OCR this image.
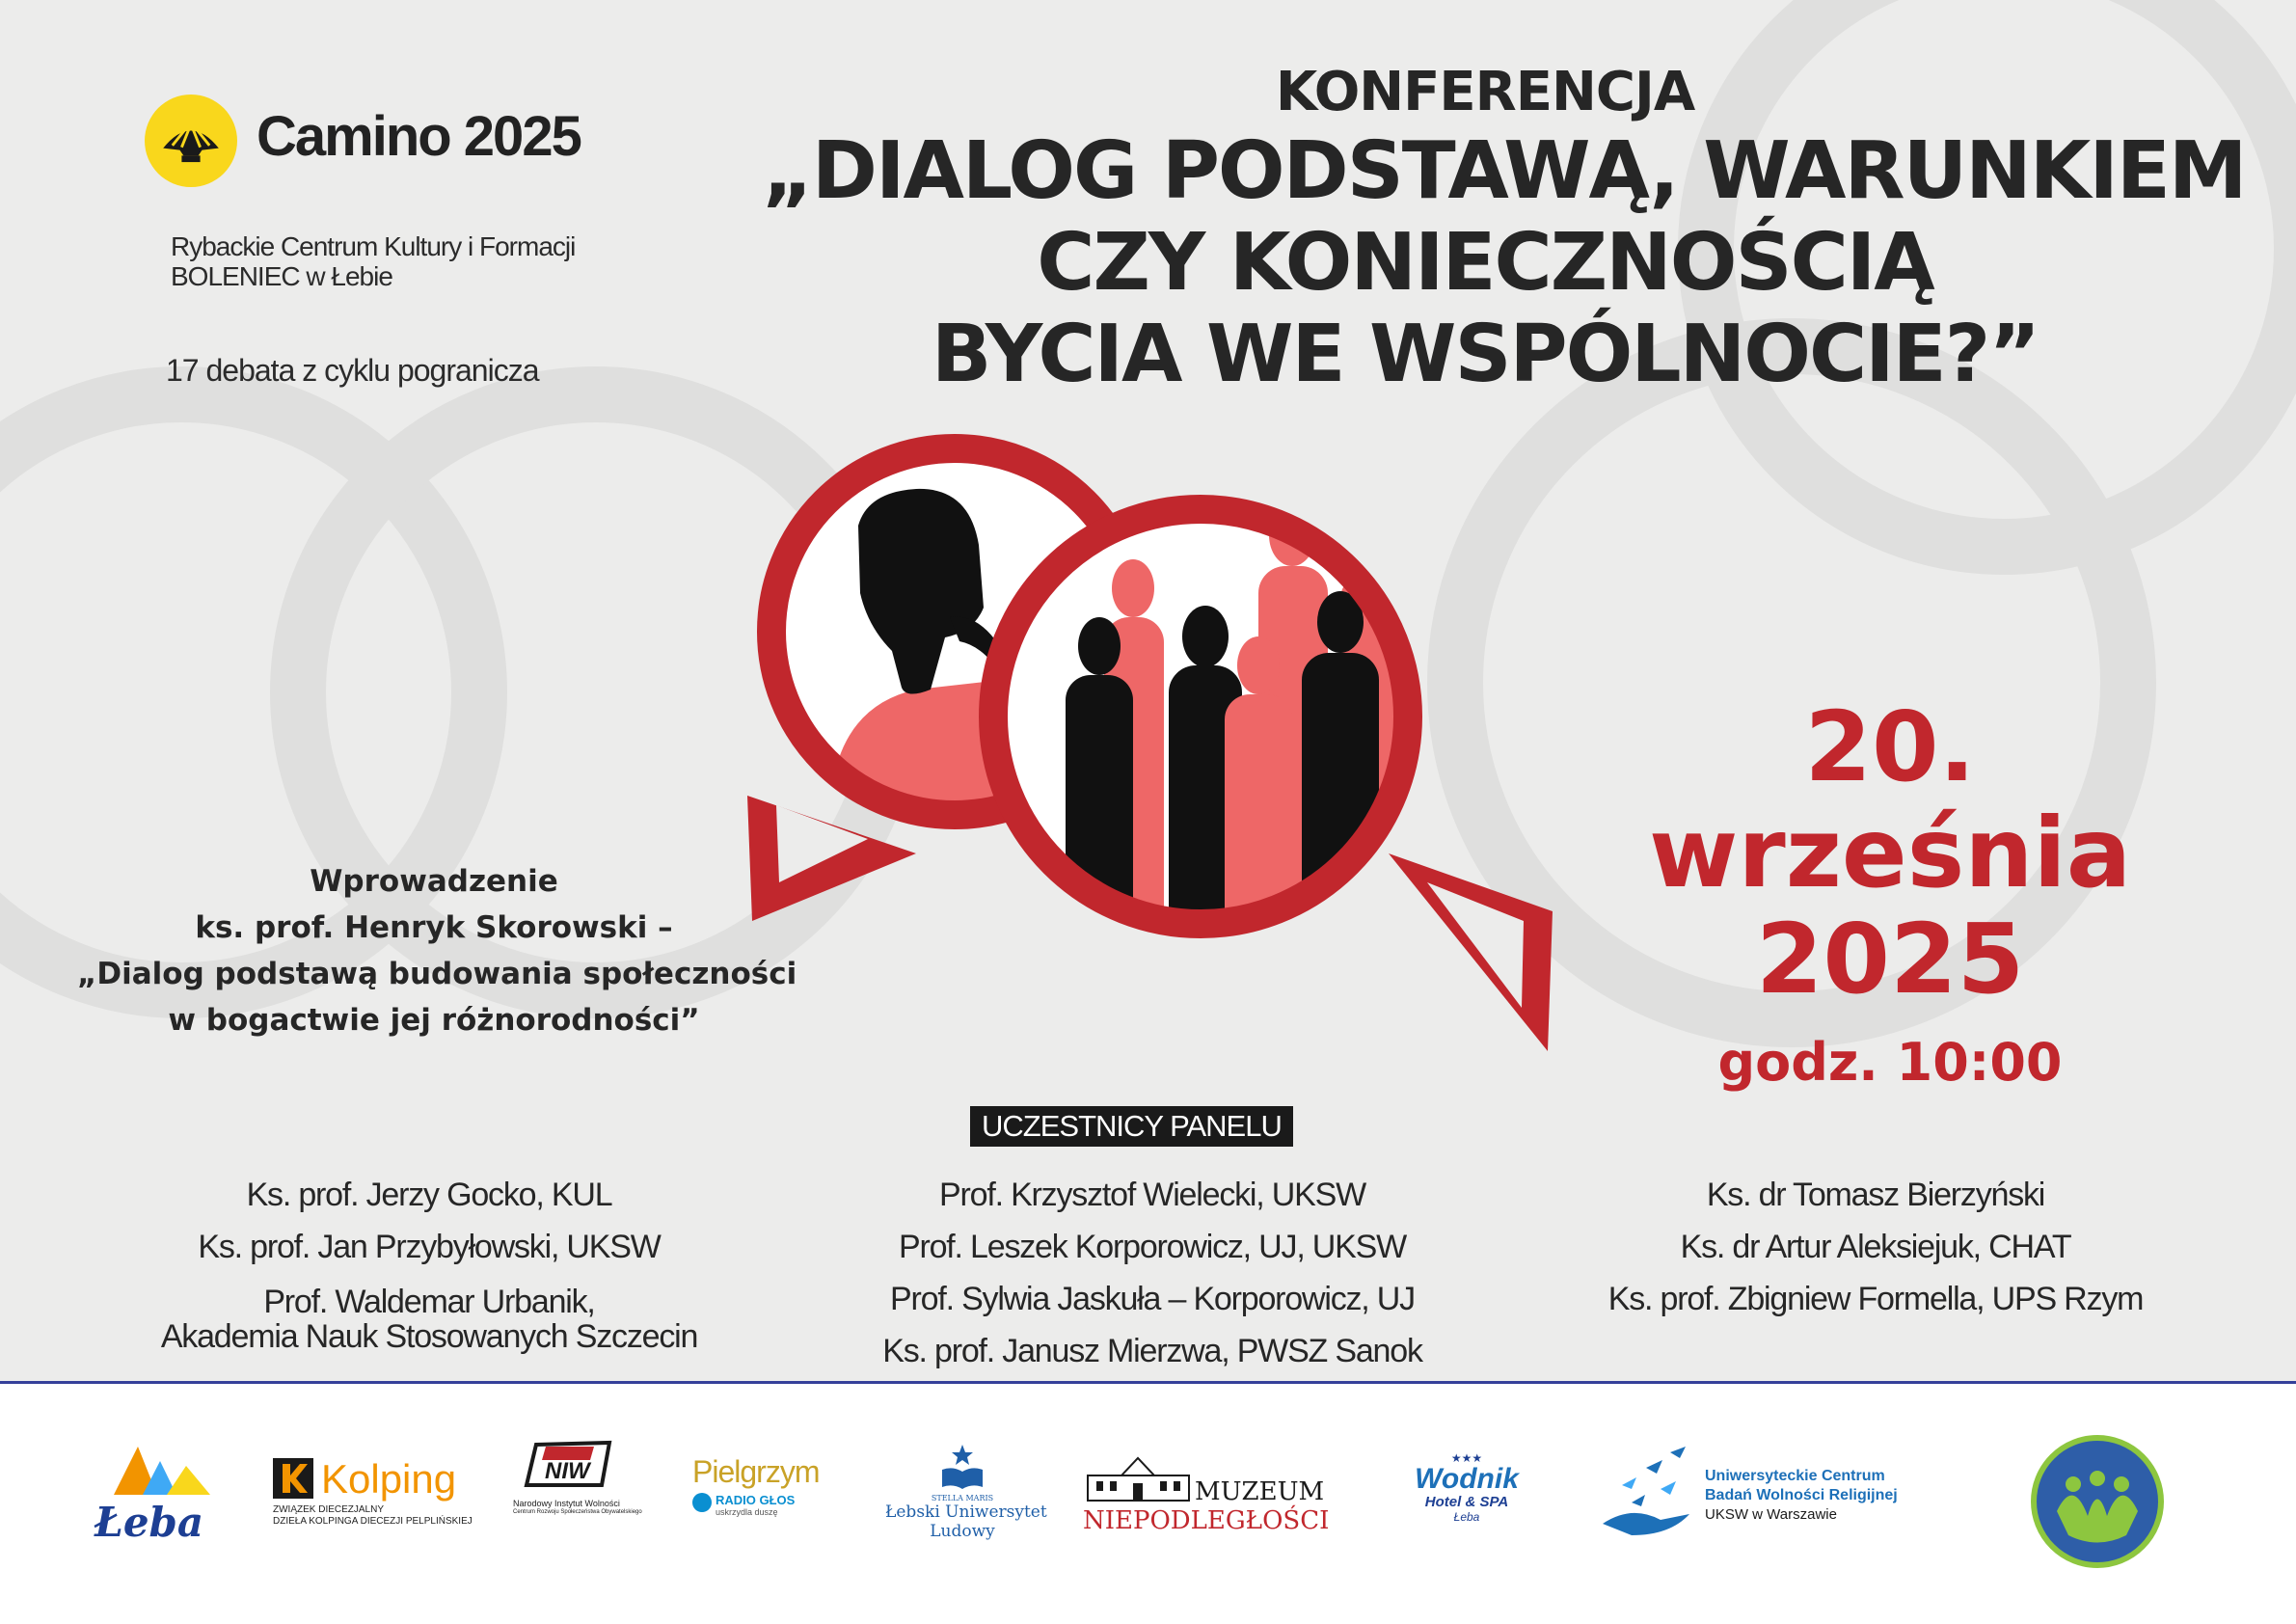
Camino 2025
Rybackie Centrum Kultury i Formacji
BOLENIEC w Łebie
17 debata z cyklu pogranicza
KONFERENCJA
„DIALOG PODSTAWĄ, WARUNKIEM
CZY KONIECZNOŚCIĄ
BYCIA WE WSPÓLNOCIE?”
20.
września
2025
godz. 10:00
Wprowadzenie
ks. prof. Henryk Skorowski –
„Dialog podstawą budowania społeczności
w bogactwie jej różnorodności”
UCZESTNICY PANELU
Ks. prof. Jerzy Gocko, KUL
Ks. prof. Jan Przybyłowski, UKSW
Prof. Waldemar Urbanik,
Akademia Nauk Stosowanych Szczecin
Prof. Krzysztof Wielecki, UKSW
Prof. Leszek Korporowicz, UJ, UKSW
Prof. Sylwia Jaskuła – Korporowicz, UJ
Ks. prof. Janusz Mierzwa, PWSZ Sanok
Ks. dr Tomasz Bierzyński
Ks. dr Artur Aleksiejuk, CHAT
Ks. prof. Zbigniew Formella, UPS Rzym
Łeba
Kolping
ZWIĄZEK DIECEZJALNY
DZIEŁA KOLPINGA DIECEZJI PELPLIŃSKIEJ
NIW
Narodowy Instytut Wolności
Centrum Rozwoju Społeczeństwa Obywatelskiego
Pielgrzym
RADIO GŁOS
uskrzydla duszę
STELLA MARIS
Łebski Uniwersytet
Ludowy
MUZEUM
NIEPODLEGŁOŚCI
★★★
Wodnik
Hotel & SPA
Łeba
Uniwersyteckie Centrum
Badań Wolności Religijnej
UKSW w Warszawie
